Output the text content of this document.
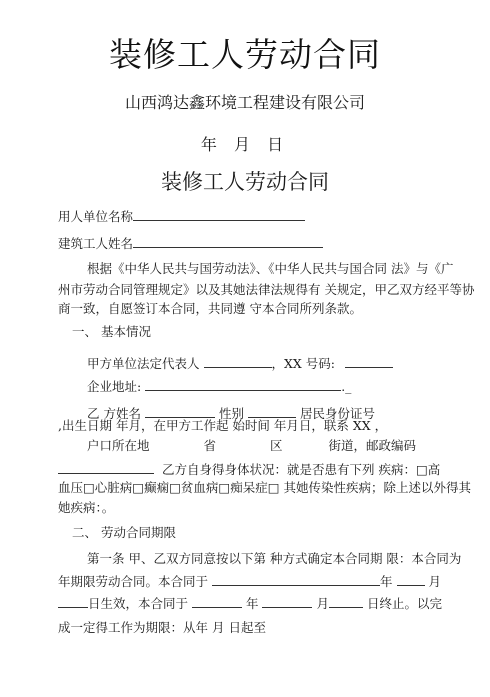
装修工人劳动合同
山西鸿达鑫环境工程建设有限公司
年 月 日
装修工人劳动合同
用人单位名称
建筑工人姓名
根据《中华人民共与国劳动法》、《中华人民共与国合同 法》与《广
州市劳动合同管理规定》以及其她法律法规得有 关规定，甲乙双方经平等协
商一致，自愿签订本合同，共同遵 守本合同所列条款。
一、 基本情况
甲方单位法定代表人	，XX 号码:
企业地址:	._
乙 方姓名	性别	居民身份证号
,出生日期 年月，在甲方工作起 始时间 年月日，联系 XX ，
户口所在地	省	区	街道，邮政编码
乙方自身得身体状况：就是否患有下列 疾病：□高
血压□心脏病□癫痫□贫血病□痴呆症□ 其她传染性疾病；除上述以外得其
她疾病：。
二、 劳动合同期限
第一条 甲、乙双方同意按以下第 种方式确定本合同期 限：本合同为
年期限劳动合同。本合同于	年	月
日生效，本合同于	年	月	日终止。以完
成一定得工作为期限：从年 月 日起至
